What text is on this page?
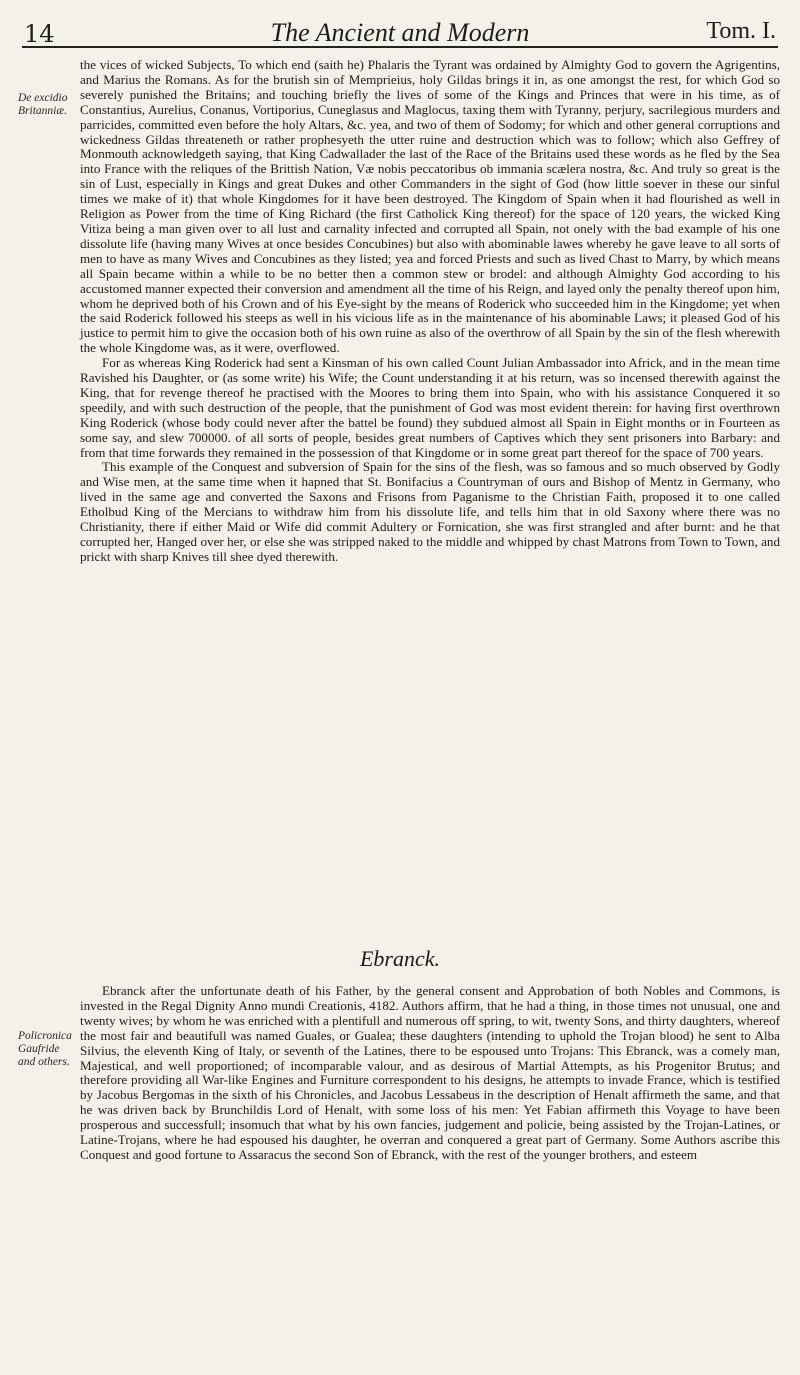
14	The Ancient and Modern	Tom. I.
De excidio Britanniæ.

the vices of wicked Subjects, To which end (saith he) Phalaris the Tyrant was ordained by Almighty God to govern the Agrigentins, and Marius the Romans. As for the brutish sin of Memprieius, holy Gildas brings it in, as one amongst the rest, for which God so severely punished the Britains; and touching briefly the lives of some of the Kings and Princes that were in his time, as of Constantius, Aurelius, Conanus, Vortiporius, Cuneglasus and Maglocus, taxing them with Tyranny, perjury, sacrilegious murders and parricides, committed even before the holy Altars, &c. yea, and two of them of Sodomy; for which and other general corruptions and wickedness Gildas threateneth or rather prophesyeth the utter ruine and destruction which was to follow; which also Geffrey of Monmouth acknowledgeth saying, that King Cadwallader the last of the Race of the Britains used these words as he fled by the Sea into France with the reliques of the Brittish Nation, Væ nobis peccatoribus ob immania scælera nostra, &c. And truly so great is the sin of Lust, especially in Kings and great Dukes and other Commanders in the sight of God (how little soever in these our sinful times we make of it) that whole Kingdomes for it have been destroyed. The Kingdom of Spain when it had flourished as well in Religion as Power from the time of King Richard (the first Catholick King thereof) for the space of 120 years, the wicked King Vitiza being a man given over to all lust and carnality infected and corrupted all Spain, not onely with the bad example of his one dissolute life (having many Wives at once besides Concubines) but also with abominable lawes whereby he gave leave to all sorts of men to have as many Wives and Concubines as they listed; yea and forced Priests and such as lived Chast to Marry, by which means all Spain became within a while to be no better then a common stew or brodel: and although Almighty God according to his accustomed manner expected their conversion and amendment all the time of his Reign, and layed only the penalty thereof upon him, whom he deprived both of his Crown and of his Eye-sight by the means of Roderick who succeeded him in the Kingdome; yet when the said Roderick followed his steeps as well in his vicious life as in the maintenance of his abominable Laws; it pleased God of his justice to permit him to give the occasion both of his own ruine as also of the overthrow of all Spain by the sin of the flesh wherewith the whole Kingdome was, as it were, overflowed.

For as whereas King Roderick had sent a Kinsman of his own called Count Julian Ambassador into Africk, and in the mean time Ravished his Daughter, or (as some write) his Wife; the Count understanding it at his return, was so incensed therewith against the King, that for revenge thereof he practised with the Moores to bring them into Spain, who with his assistance Conquered it so speedily, and with such destruction of the people, that the punishment of God was most evident therein: for having first overthrown King Roderick (whose body could never after the battel be found) they subdued almost all Spain in Eight months or in Fourteen as some say, and slew 700000. of all sorts of people, besides great numbers of Captives which they sent prisoners into Barbary: and from that time forwards they remained in the possession of that Kingdome or in some great part thereof for the space of 700 years.

This example of the Conquest and subversion of Spain for the sins of the flesh, was so famous and so much observed by Godly and Wise men, at the same time when it hapned that St. Bonifacius a Countryman of ours and Bishop of Mentz in Germany, who lived in the same age and converted the Saxons and Frisons from Paganisme to the Christian Faith, proposed it to one called Etholbud King of the Mercians to withdraw him from his dissolute life, and tells him that in old Saxony where there was no Christianity, there if either Maid or Wife did commit Adultery or Fornication, she was first strangled and after burnt: and he that corrupted her, Hanged over her, or else she was stripped naked to the middle and whipped by chast Matrons from Town to Town, and prickt with sharp Knives till shee dyed therewith.

Ebranck.
Policronica Gaufride and others.

Ebranck after the unfortunate death of his Father, by the general consent and Approbation of both Nobles and Commons, is invested in the Regal Dignity Anno mundi Creationis, 4182. Authors affirm, that he had a thing, in those times not unusual, one and twenty wives; by whom he was enriched with a plentifull and numerous off spring, to wit, twenty Sons, and thirty daughters, whereof the most fair and beautifull was named Guales, or Gualea; these daughters (intending to uphold the Trojan blood) he sent to Alba Silvius, the eleventh King of Italy, or seventh of the Latines, there to be espoused unto Trojans: This Ebranck, was a comely man, Majestical, and well proportioned; of incomparable valour, and as desirous of Martial Attempts, as his Progenitor Brutus; and therefore providing all War-like Engines and Furniture correspondent to his designs, he attempts to invade France, which is testified by Jacobus Bergomas in the sixth of his Chronicles, and Jacobus Lessabeus in the description of Henalt affirmeth the same, and that he was driven back by Brunchildis Lord of Henalt, with some loss of his men: Yet Fabian affirmeth this Voyage to have been prosperous and successfull; insomuch that what by his own fancies, judgement and policie, being assisted by the Trojan-Latines, or Latine-Trojans, where he had espoused his daughter, he overran and conquered a great part of Germany. Some Authors ascribe this Conquest and good fortune to Assaracus the second Son of Ebranck, with the rest of the younger brothers, and esteem
